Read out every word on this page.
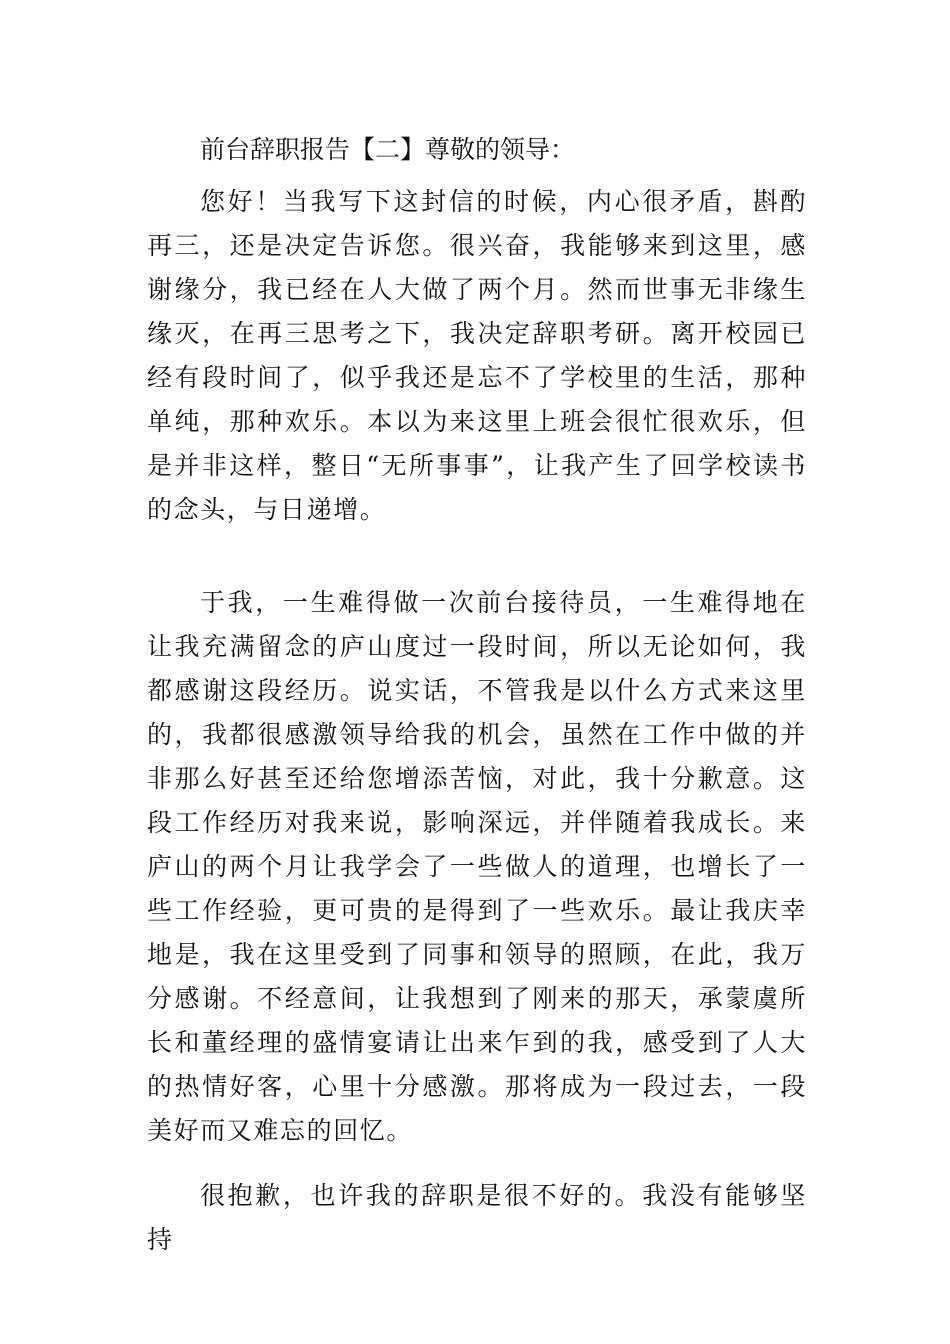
前台辞职报告【二】尊敬的领导：

您好！当我写下这封信的时候，内心很矛盾，斟酌再三，还是决定告诉您。很兴奋，我能够来到这里，感谢缘分，我已经在人大做了两个月。然而世事无非缘生缘灭，在再三思考之下，我决定辞职考研。离开校园已经有段时间了，似乎我还是忘不了学校里的生活，那种单纯，那种欢乐。本以为来这里上班会很忙很欢乐，但是并非这样，整日“无所事事”，让我产生了回学校读书的念头，与日递增。

于我，一生难得做一次前台接待员，一生难得地在让我充满留念的庐山度过一段时间，所以无论如何，我都感谢这段经历。说实话，不管我是以什么方式来这里的，我都很感激领导给我的机会，虽然在工作中做的并非那么好甚至还给您增添苦恼，对此，我十分歉意。这段工作经历对我来说，影响深远，并伴随着我成长。来庐山的两个月让我学会了一些做人的道理，也增长了一些工作经验，更可贵的是得到了一些欢乐。最让我庆幸地是，我在这里受到了同事和领导的照顾，在此，我万分感谢。不经意间，让我想到了刚来的那天，承蒙虞所长和董经理的盛情宴请让出来乍到的我，感受到了人大的热情好客，心里十分感激。那将成为一段过去，一段美好而又难忘的回忆。

很抱歉，也许我的辞职是很不好的。我没有能够坚持
